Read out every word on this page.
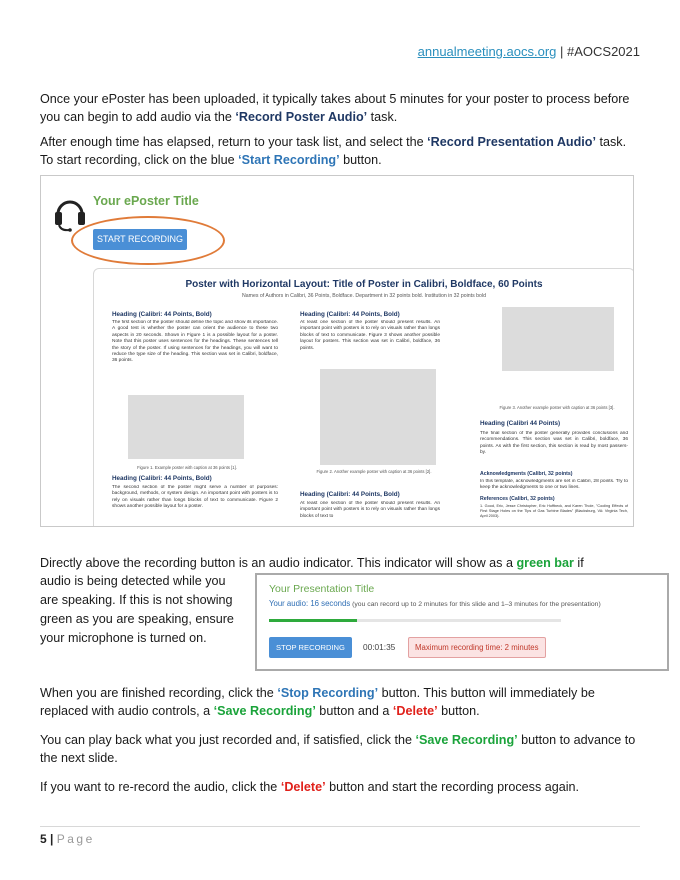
annualmeeting.aocs.org | #AOCS2021

Once your ePoster has been uploaded, it typically takes about 5 minutes for your poster to process before you can begin to add audio via the ‘Record Poster Audio’ task.

After enough time has elapsed, return to your task list, and select the ‘Record Presentation Audio’ task. To start recording, click on the blue ‘Start Recording’ button.

Your ePoster Title
START RECORDING
Poster with Horizontal Layout: Title of Poster in Calibri, Boldface, 60 Points
Names of Authors in Calibri, 36 Points, Boldface. Department in 32 points bold. Institution in 32 points bold
Heading (Calibri: 44 Points, Bold)
The first section of the poster should define the topic and show its importance. A good test is whether the poster can orient the audience to these two aspects in 20 seconds. Shown in Figure 1 is a possible layout for a poster. Note that this poster uses sentences for the headings. These sentences tell the story of the poster. If using sentences for the headings, you will want to reduce the type size of the heading. This section was set in Calibri, boldface, 36 points.
Figure 1. Example poster with caption at 36 points [1].
Heading (Calibri: 44 Points, Bold)
The second section of the poster might serve a number of purposes: background, methods, or system design. An important point with posters is to rely on visuals rather than longs blocks of text to communicate. Figure 2 shows another possible layout for a poster.
Heading (Calibri: 44 Points, Bold)
At least one section of the poster should present results. An important point with posters is to rely on visuals rather than longs blocks of text to communicate. Figure 3 shows another possible layout for posters. This section was set in Calibri, boldface, 36 points.
Figure 2. Another example poster with caption at 36 points [2].
Heading (Calibri: 44 Points, Bold)
At least one section of the poster should present results. An important point with posters is to rely on visuals rather than longs blocks of text to
Figure 3. Another example poster with caption at 36 points [3].
Heading (Calibri 44 Points)
The final section of the poster generally provides conclusions and recommendations. This section was set in Calibri, boldface, 36 points. As with the first section, this section is read by most passers-by.
Acknowledgments (Calibri, 32 points)
In this template, acknowledgments are set in Calibri, 28 points. Try to keep the acknowledgments to one or two lines.
References (Calibri, 32 points)
1. Good, Eric, Jesse Christopher, Eric Hoffbeck, and Karen Thole, "Cooling Effects of First Stage Holes on the Tips of Gas Turbine Blades" (Blacksburg, VA: Virginia Tech, April 2003).

Directly above the recording button is an audio indicator. This indicator will show as a green bar if

audio is being detected while you are speaking. If this is not showing green as you are speaking, ensure your microphone is turned on.

Your Presentation Title
Your audio: 16 seconds (you can record up to 2 minutes for this slide and 1–3 minutes for the presentation)
STOP RECORDING	00:01:35	Maximum recording time: 2 minutes

When you are finished recording, click the ‘Stop Recording’ button. This button will immediately be replaced with audio controls, a ‘Save Recording’ button and a ‘Delete’ button.

You can play back what you just recorded and, if satisfied, click the ‘Save Recording’ button to advance to the next slide.

If you want to re-record the audio, click the ‘Delete’ button and start the recording process again.

5 | Page
